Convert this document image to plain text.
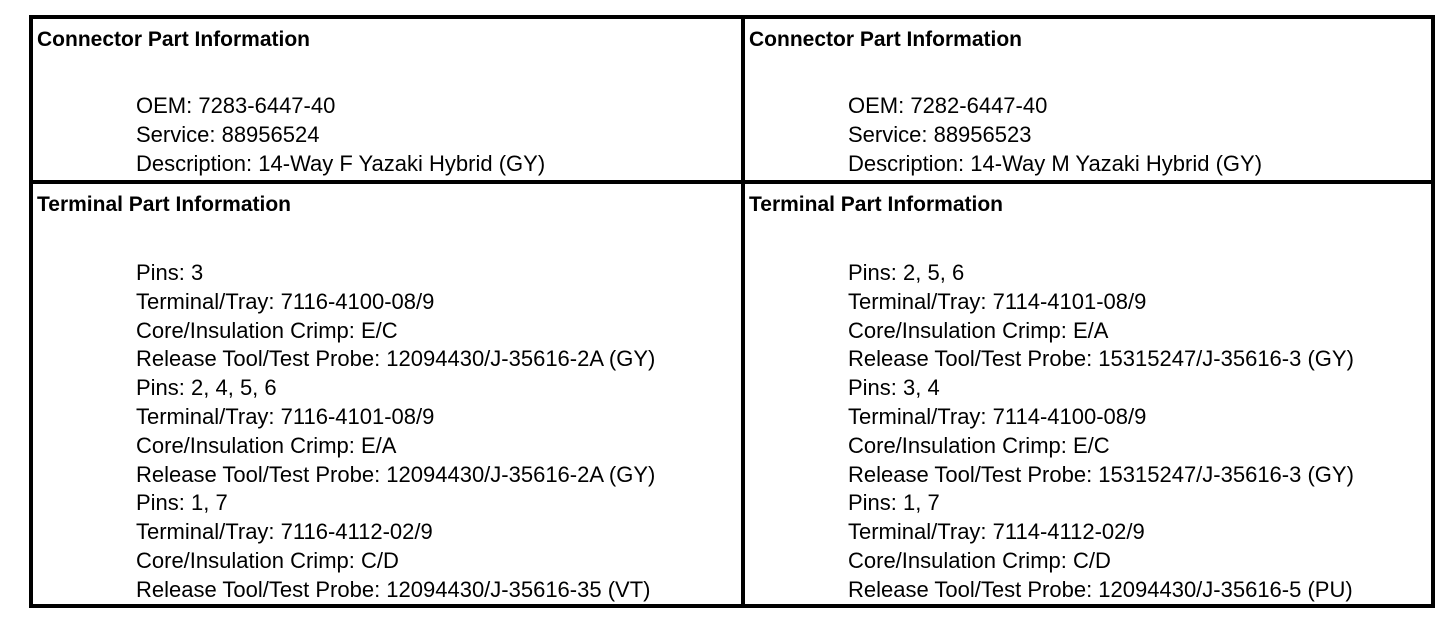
Connector Part Information
OEM: 7283-6447-40
Service: 88956524
Description: 14-Way F Yazaki Hybrid (GY)
Connector Part Information
OEM: 7282-6447-40
Service: 88956523
Description: 14-Way M Yazaki Hybrid (GY)
Terminal Part Information
Pins: 3
Terminal/Tray: 7116-4100-08/9
Core/Insulation Crimp: E/C
Release Tool/Test Probe: 12094430/J-35616-2A (GY)
Pins: 2, 4, 5, 6
Terminal/Tray: 7116-4101-08/9
Core/Insulation Crimp: E/A
Release Tool/Test Probe: 12094430/J-35616-2A (GY)
Pins: 1, 7
Terminal/Tray: 7116-4112-02/9
Core/Insulation Crimp: C/D
Release Tool/Test Probe: 12094430/J-35616-35 (VT)
Terminal Part Information
Pins: 2, 5, 6
Terminal/Tray: 7114-4101-08/9
Core/Insulation Crimp: E/A
Release Tool/Test Probe: 15315247/J-35616-3 (GY)
Pins: 3, 4
Terminal/Tray: 7114-4100-08/9
Core/Insulation Crimp: E/C
Release Tool/Test Probe: 15315247/J-35616-3 (GY)
Pins: 1, 7
Terminal/Tray: 7114-4112-02/9
Core/Insulation Crimp: C/D
Release Tool/Test Probe: 12094430/J-35616-5 (PU)
